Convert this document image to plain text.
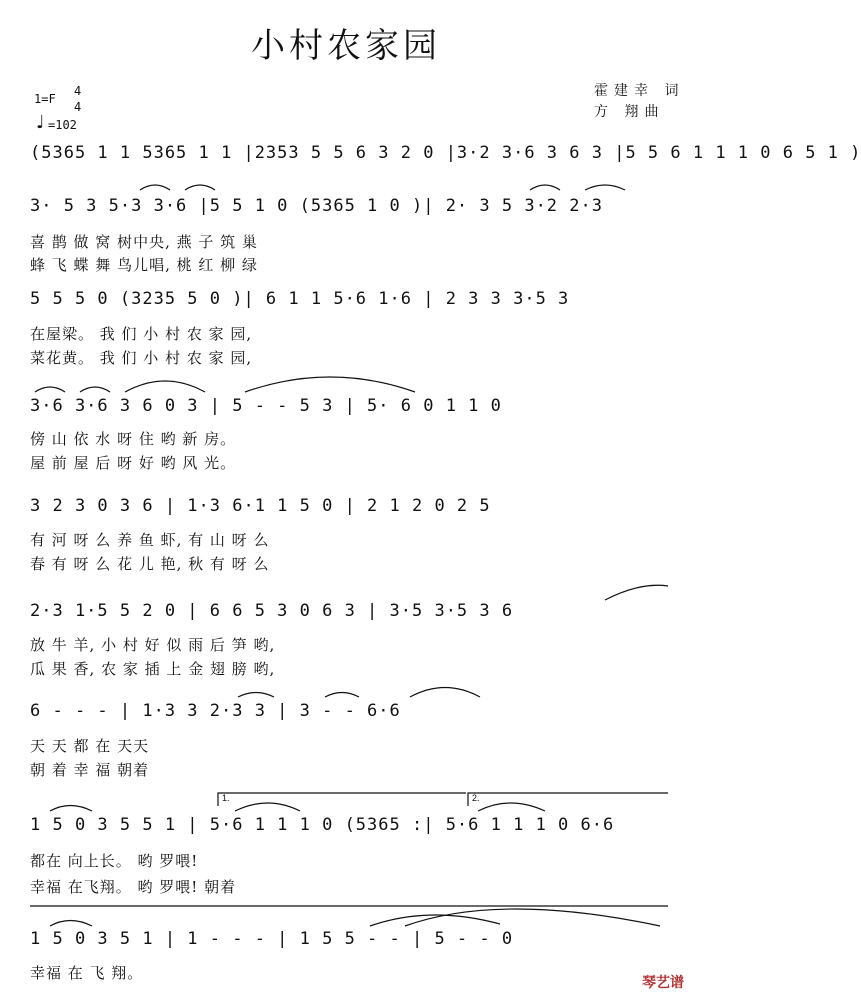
小村农家园
1=F
4
4
♩ =102
霍建幸 词
方 翔曲
(5365 1 1 5365 1 1 |2353 5 5 6 3 2 0 |3·2 3·6 3 6 3 |5 5 6 1 1 1 0 6 5 1 )
3· 5 3 5·3 3·6 |5 5 1 0 (5365 1 0 )| 2· 3 5 3·2 2·3
喜 鹊 做 窝 树中央, 燕 子 筑 巢
蜂 飞 蝶 舞 鸟儿唱, 桃 红 柳 绿
5 5 5 0 (3235 5 0 )| 6 1 1 5·6 1·6 | 2 3 3 3·5 3
在屋梁。 我 们 小 村 农 家 园,
菜花黄。 我 们 小 村 农 家 园,
3·6 3·6 3 6 0 3 | 5 - - 5 3 | 5· 6 0 1 1 0
傍 山 依 水 呀 住 哟 新 房。
屋 前 屋 后 呀 好 哟 风 光。
3 2 3 0 3 6 | 1·3 6·1 1 5 0 | 2 1 2 0 2 5
有 河 呀 么 养 鱼 虾, 有 山 呀 么
春 有 呀 么 花 儿 艳, 秋 有 呀 么
2·3 1·5 5 2 0 | 6 6 5 3 0 6 3 | 3·5 3·5 3 6
放 牛 羊, 小 村 好 似 雨 后 笋 哟,
瓜 果 香, 农 家 插 上 金 翅 膀 哟,
6 - - - | 1·3 3 2·3 3 | 3 - - 6·6
天 天 都 在 天天
朝 着 幸 福 朝着
1.	2.
1 5 0 3 5 5 1 | 5·6 1 1 1 0 (5365 :| 5·6 1 1 1 0 6·6
都在 向上长。 哟 罗喂!
幸福 在飞翔。 哟 罗喂! 朝着
1 5 0 3 5 1 | 1 - - - | 1 5 5 - - | 5 - - 0
幸福 在 飞 翔。	琴艺谱
